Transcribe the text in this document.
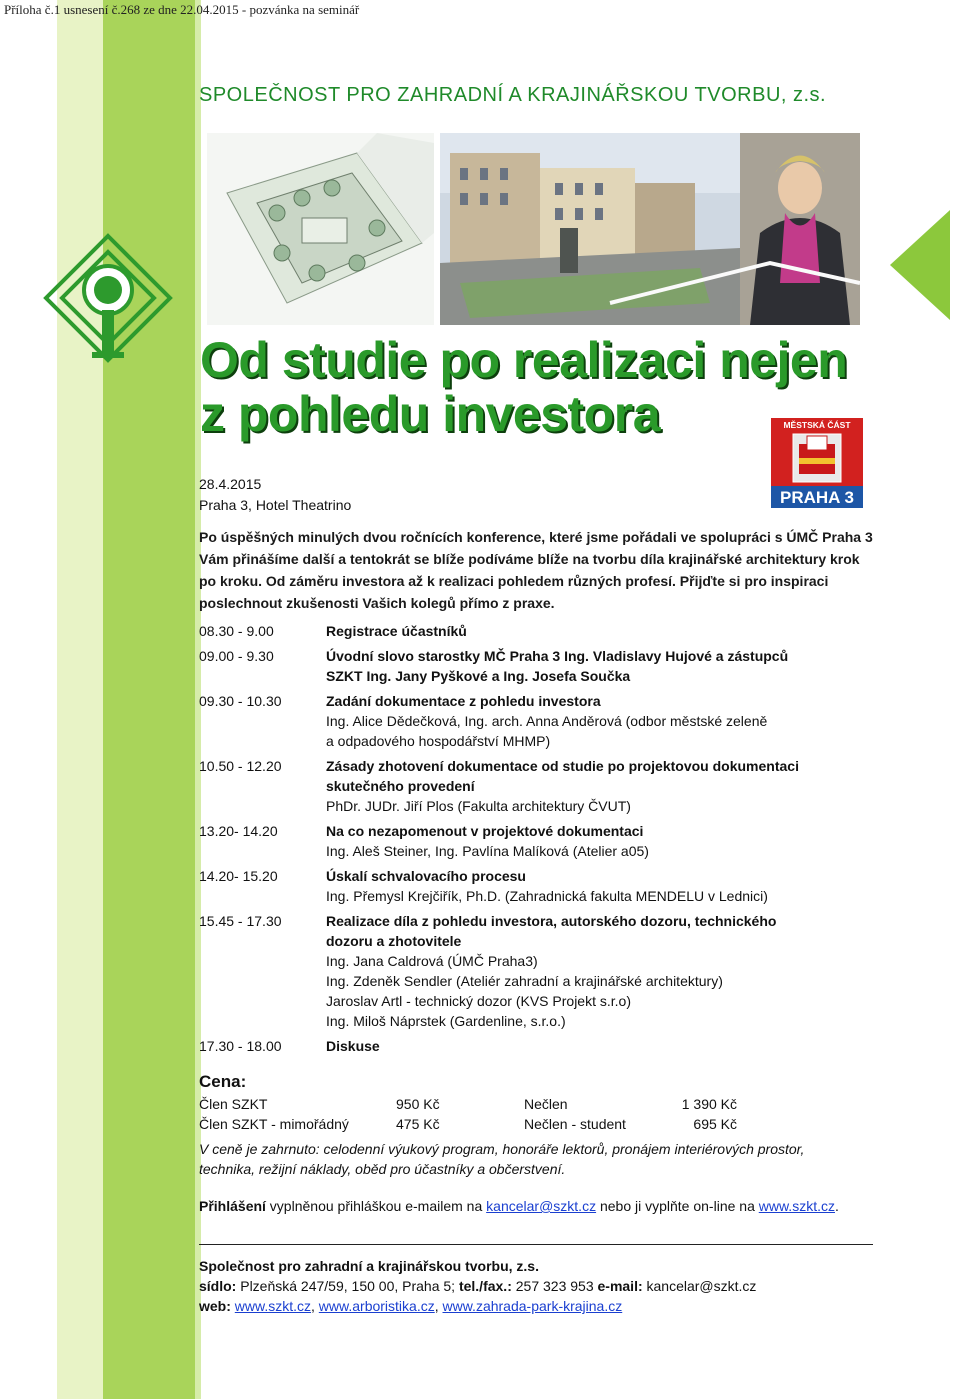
Příloha č.1 usnesení č.268 ze dne 22.04.2015 - pozvánka na seminář
SPOLEČNOST PRO ZAHRADNÍ A KRAJINÁŘSKOU TVORBU, z.s.
Od studie po realizaci nejen
z pohledu investora	MĚSTSKÁ ČÁST
PRAHA 3
28.4.2015
Praha 3, Hotel Theatrino
Po úspěšných minulých dvou ročnících konference, které jsme pořádali ve spolupráci s ÚMČ Praha 3
Vám přinášíme další a tentokrát se blíže podíváme blíže na tvorbu díla krajinářské architektury krok
po kroku. Od záměru investora až k realizaci pohledem různých profesí. Přijďte si pro inspiraci
poslechnout zkušenosti Vašich kolegů přímo z praxe.
08.30 - 9.00	Registrace účastníků
09.00 - 9.30	Úvodní slovo starostky MČ Praha 3 Ing. Vladislavy Hujové a zástupců
SZKT Ing. Jany Pyškové a Ing. Josefa Součka
09.30 - 10.30	Zadání dokumentace z pohledu investora
Ing. Alice Dědečková, Ing. arch. Anna Anděrová (odbor městské zeleně
a odpadového hospodářství MHMP)
10.50 - 12.20	Zásady zhotovení dokumentace od studie po projektovou dokumentaci
skutečného provedení
PhDr. JUDr. Jiří Plos (Fakulta architektury ČVUT)
13.20- 14.20	Na co nezapomenout v projektové dokumentaci
Ing. Aleš Steiner, Ing. Pavlína Malíková (Atelier a05)
14.20- 15.20	Úskalí schvalovacího procesu
Ing. Přemysl Krejčiřík, Ph.D. (Zahradnická fakulta MENDELU v Lednici)
15.45 - 17.30	Realizace díla z pohledu investora, autorského dozoru, technického
dozoru a zhotovitele
Ing. Jana Caldrová (ÚMČ Praha3)
Ing. Zdeněk Sendler (Ateliér zahradní a krajinářské architektury)
Jaroslav Artl - technický dozor (KVS Projekt s.r.o)
Ing. Miloš Náprstek (Gardenline, s.r.o.)
17.30 - 18.00	Diskuse
Cena:
Člen SZKT	950 Kč	Nečlen	1 390 Kč
Člen SZKT - mimořádný	475 Kč	Nečlen - student	695 Kč
V ceně je zahrnuto: celodenní výukový program, honoráře lektorů, pronájem interiérových prostor,
technika, režijní náklady, oběd pro účastníky a občerstvení.
Přihlášení vyplněnou přihláškou e-mailem na kancelar@szkt.cz nebo ji vyplňte on-line na www.szkt.cz.
Společnost pro zahradní a krajinářskou tvorbu, z.s.
sídlo: Plzeňská 247/59, 150 00, Praha 5; tel./fax.: 257 323 953 e-mail: kancelar@szkt.cz
web: www.szkt.cz, www.arboristika.cz, www.zahrada-park-krajina.cz
